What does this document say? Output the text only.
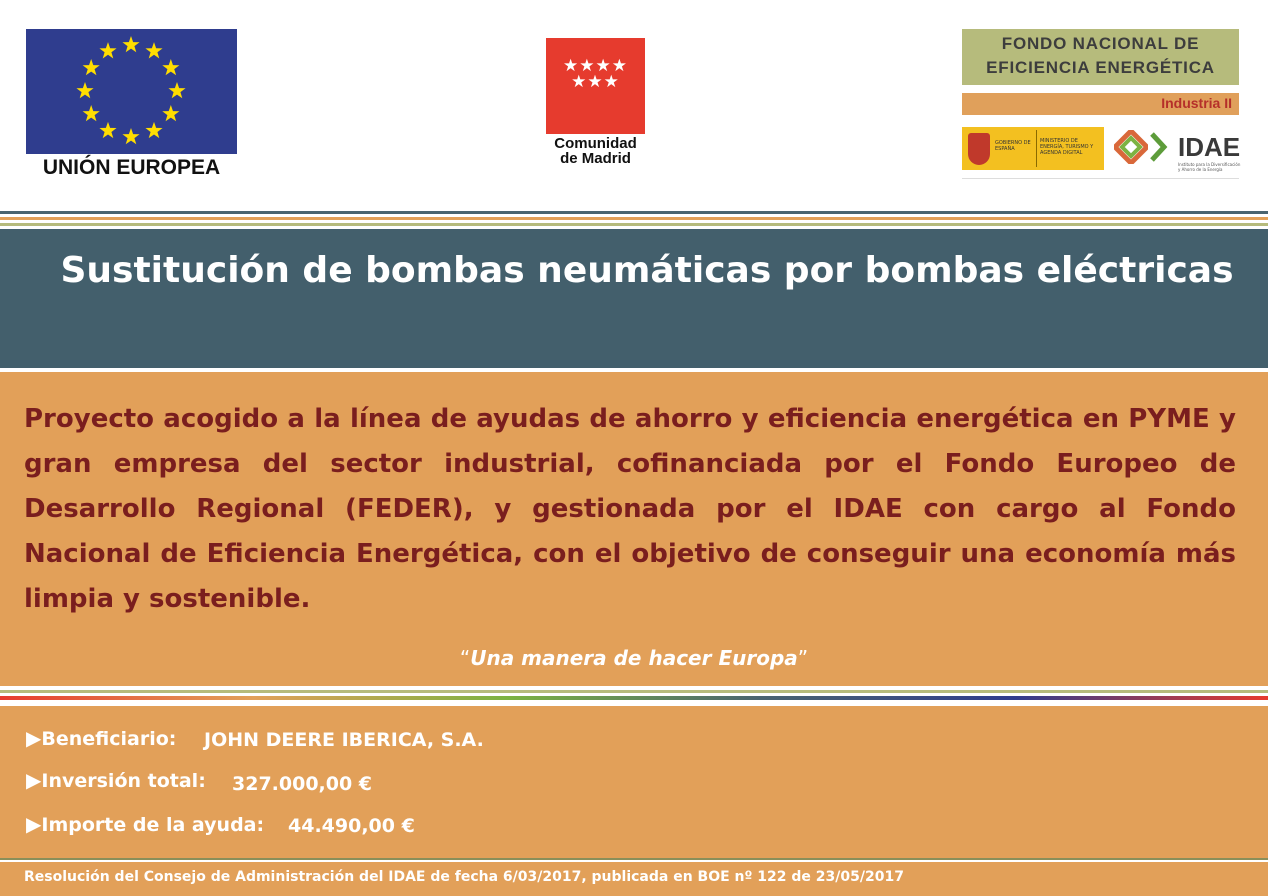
UNIÓN EUROPEA
★★★★
★★★
Comunidad
de Madrid
FONDO NACIONAL DE
EFICIENCIA ENERGÉTICA
Industria II
GOBIERNO DE ESPAÑA
MINISTERIO DE ENERGÍA, TURISMO Y AGENDA DIGITAL	IDAE
Instituto para la Diversificación y Ahorro de la Energía
Sustitución de bombas neumáticas por bombas eléctricas
Proyecto acogido a la línea de ayudas de ahorro y eficiencia energética en PYME y gran empresa del sector industrial, cofinanciada por el Fondo Europeo de Desarrollo Regional (FEDER), y gestionada por el IDAE con cargo al Fondo Nacional de Eficiencia Energética, con el objetivo de conseguir una economía más limpia y sostenible.
“Una manera de hacer Europa”
▶Beneficiario: JOHN DEERE IBERICA, S.A.
▶Inversión total: 327.000,00 €
▶Importe de la ayuda: 44.490,00 €
Resolución del Consejo de Administración del IDAE de fecha 6/03/2017, publicada en BOE nº 122 de 23/05/2017
